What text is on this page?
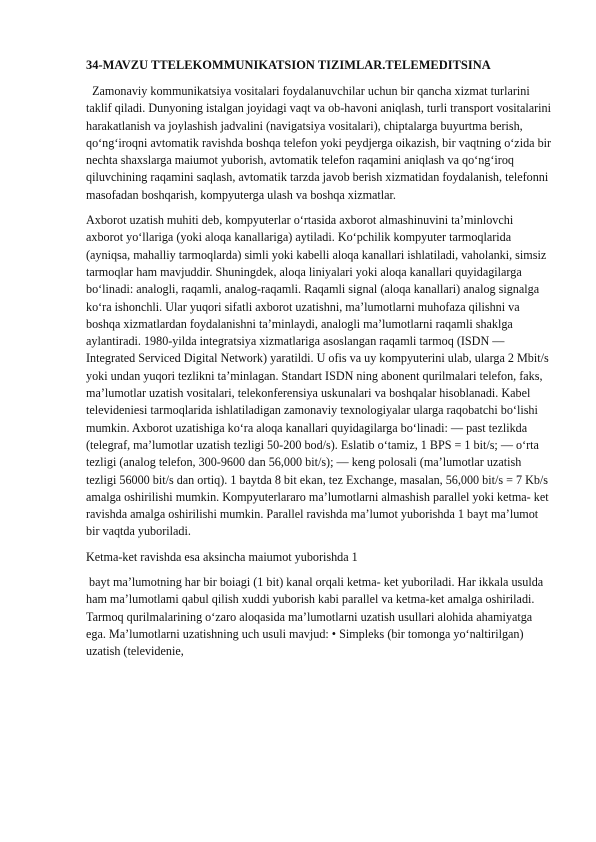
34-MAVZU TTELEKOMMUNIKATSION TIZIMLAR.TELEMEDITSINA

Zamonaviy kommunikatsiya vositalari foydalanuvchilar uchun bir qancha xizmat turlarini taklif qiladi. Dunyoning istalgan joyidagi vaqt va ob-havoni aniqlash, turli transport vositalarini harakatlanish va joylashish jadvalini (navigatsiya vositalari), chiptalarga buyurtma berish, qo‘ng‘iroqni avtomatik ravishda boshqa telefon yoki peydjerga oikazish, bir vaqtning o‘zida bir nechta shaxslarga maiumot yuborish, avtomatik telefon raqamini aniqlash va qo‘ng‘iroq qiluvchining raqamini saqlash, avtomatik tarzda javob berish xizmatidan foydalanish, telefonni masofadan boshqarish, kompyuterga ulash va boshqa xizmatlar.

Axborot uzatish muhiti deb, kompyuterlar o‘rtasida axborot almashinuvini ta’minlovchi axborot yo‘llariga (yoki aloqa kanallariga) aytiladi. Ko‘pchilik kompyuter tarmoqlarida (ayniqsa, mahalliy tarmoqlarda) simli yoki kabelli aloqa kanallari ishlatiladi, vaholanki, simsiz tarmoqlar ham mavjuddir. Shuningdek, aloqa liniyalari yoki aloqa kanallari quyidagilarga bo‘linadi: analogli, raqamli, analog-raqamli. Raqamli signal (aloqa kanallari) analog signalga ko‘ra ishonchli. Ular yuqori sifatli axborot uzatishni, ma’lumotlarni muhofaza qilishni va boshqa xizmatlardan foydalanishni ta’minlaydi, analogli ma’lumotlarni raqamli shaklga aylantiradi. 1980-yilda integratsiya xizmatlariga asoslangan raqamli tarmoq (ISDN — Integrated Serviced Digital Network) yaratildi. U ofis va uy kompyuterini ulab, ularga 2 Mbit/s yoki undan yuqori tezlikni ta’minlagan. Standart ISDN ning abonent qurilmalari telefon, faks, ma’lumotlar uzatish vositalari, telekonferensiya uskunalari va boshqalar hisoblanadi. Kabel televideniesi tarmoqlarida ishlatiladigan zamonaviy texnologiyalar ularga raqobatchi bo‘lishi mumkin. Axborot uzatishiga ko‘ra aloqa kanallari quyidagilarga bo‘linadi: — past tezlikda (telegraf, ma’lumotlar uzatish tezligi 50-200 bod/s). Eslatib o‘tamiz, 1 BPS = 1 bit/s; — o‘rta tezligi (analog telefon, 300-9600 dan 56,000 bit/s); — keng polosali (ma’lumotlar uzatish tezligi 56000 bit/s dan ortiq). 1 baytda 8 bit ekan, tez Exchange, masalan, 56,000 bit/s = 7 Kb/s amalga oshirilishi mumkin. Kompyuterlararo ma’lumotlarni almashish parallel yoki ketma- ket ravishda amalga oshirilishi mumkin. Parallel ravishda ma’lumot yuborishda 1 bayt ma’lumot bir vaqtda yuboriladi.

Ketma-ket ravishda esa aksincha maiumot yuborishda 1

bayt ma’lumotning har bir boiagi (1 bit) kanal orqali ketma- ket yuboriladi. Har ikkala usulda ham ma’lumotlami qabul qilish xuddi yuborish kabi parallel va ketma-ket amalga oshiriladi. Tarmoq qurilmalarining o‘zaro aloqasida ma’lumotlarni uzatish usullari alohida ahamiyatga ega. Ma’lumotlarni uzatishning uch usuli mavjud: • Simpleks (bir tomonga yo‘naltirilgan) uzatish (televidenie,
